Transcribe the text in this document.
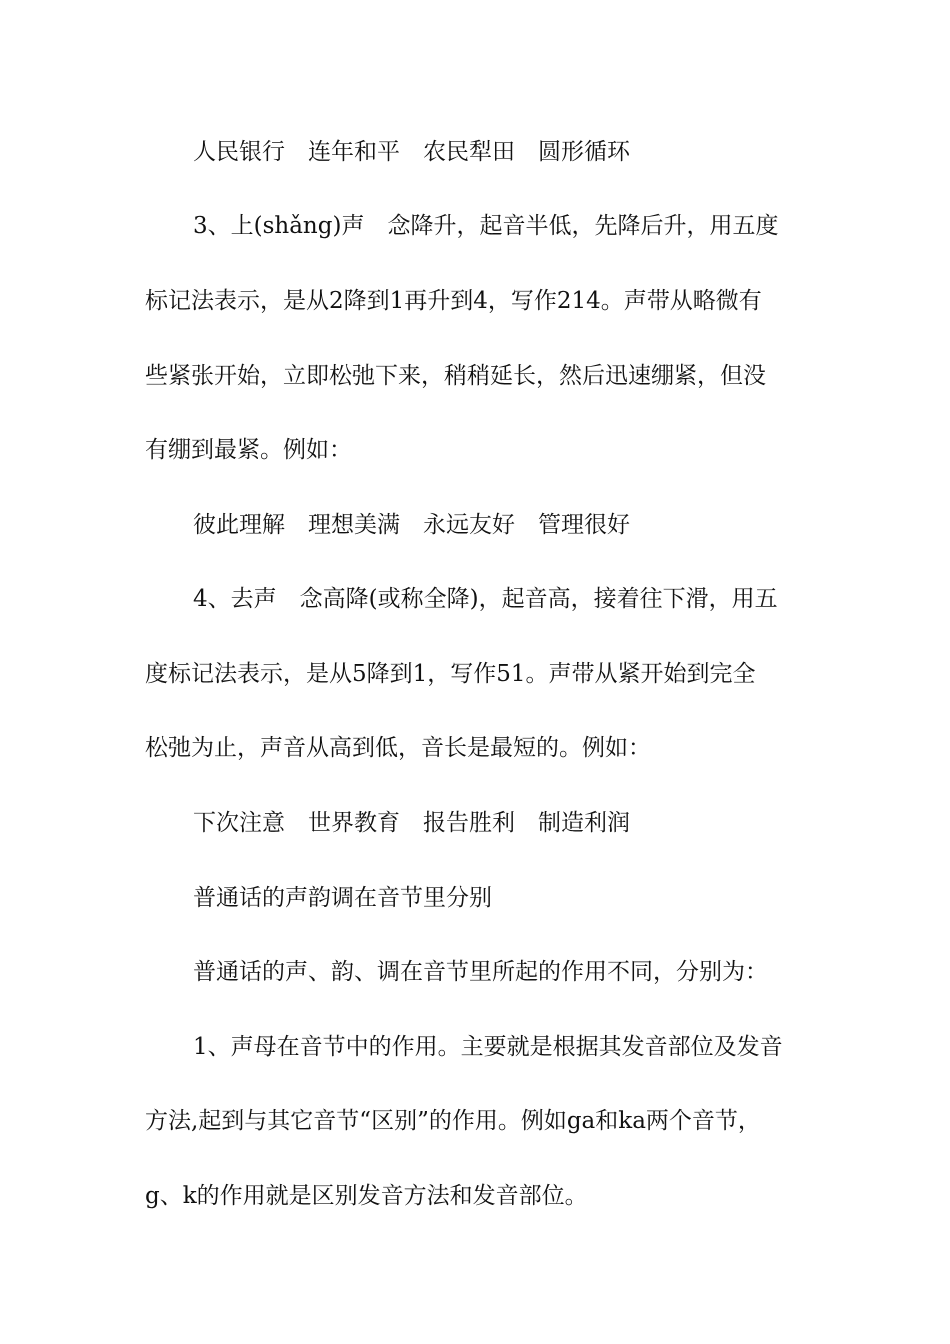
人民银行　连年和平　农民犁田　圆形循环
3、上(shǎng)声　念降升，起音半低，先降后升，用五度
标记法表示，是从2降到1再升到4，写作214。声带从略微有
些紧张开始，立即松弛下来，稍稍延长，然后迅速绷紧，但没
有绷到最紧。例如：
彼此理解　理想美满　永远友好　管理很好
4、去声　念高降(或称全降)，起音高，接着往下滑，用五
度标记法表示，是从5降到1，写作51。声带从紧开始到完全
松弛为止，声音从高到低，音长是最短的。例如：
下次注意　世界教育　报告胜利　制造利润
普通话的声韵调在音节里分别
普通话的声、韵、调在音节里所起的作用不同，分别为：
1、声母在音节中的作用。主要就是根据其发音部位及发音
方法,起到与其它音节“区别”的作用。例如ga和ka两个音节，
g、k的作用就是区别发音方法和发音部位。
